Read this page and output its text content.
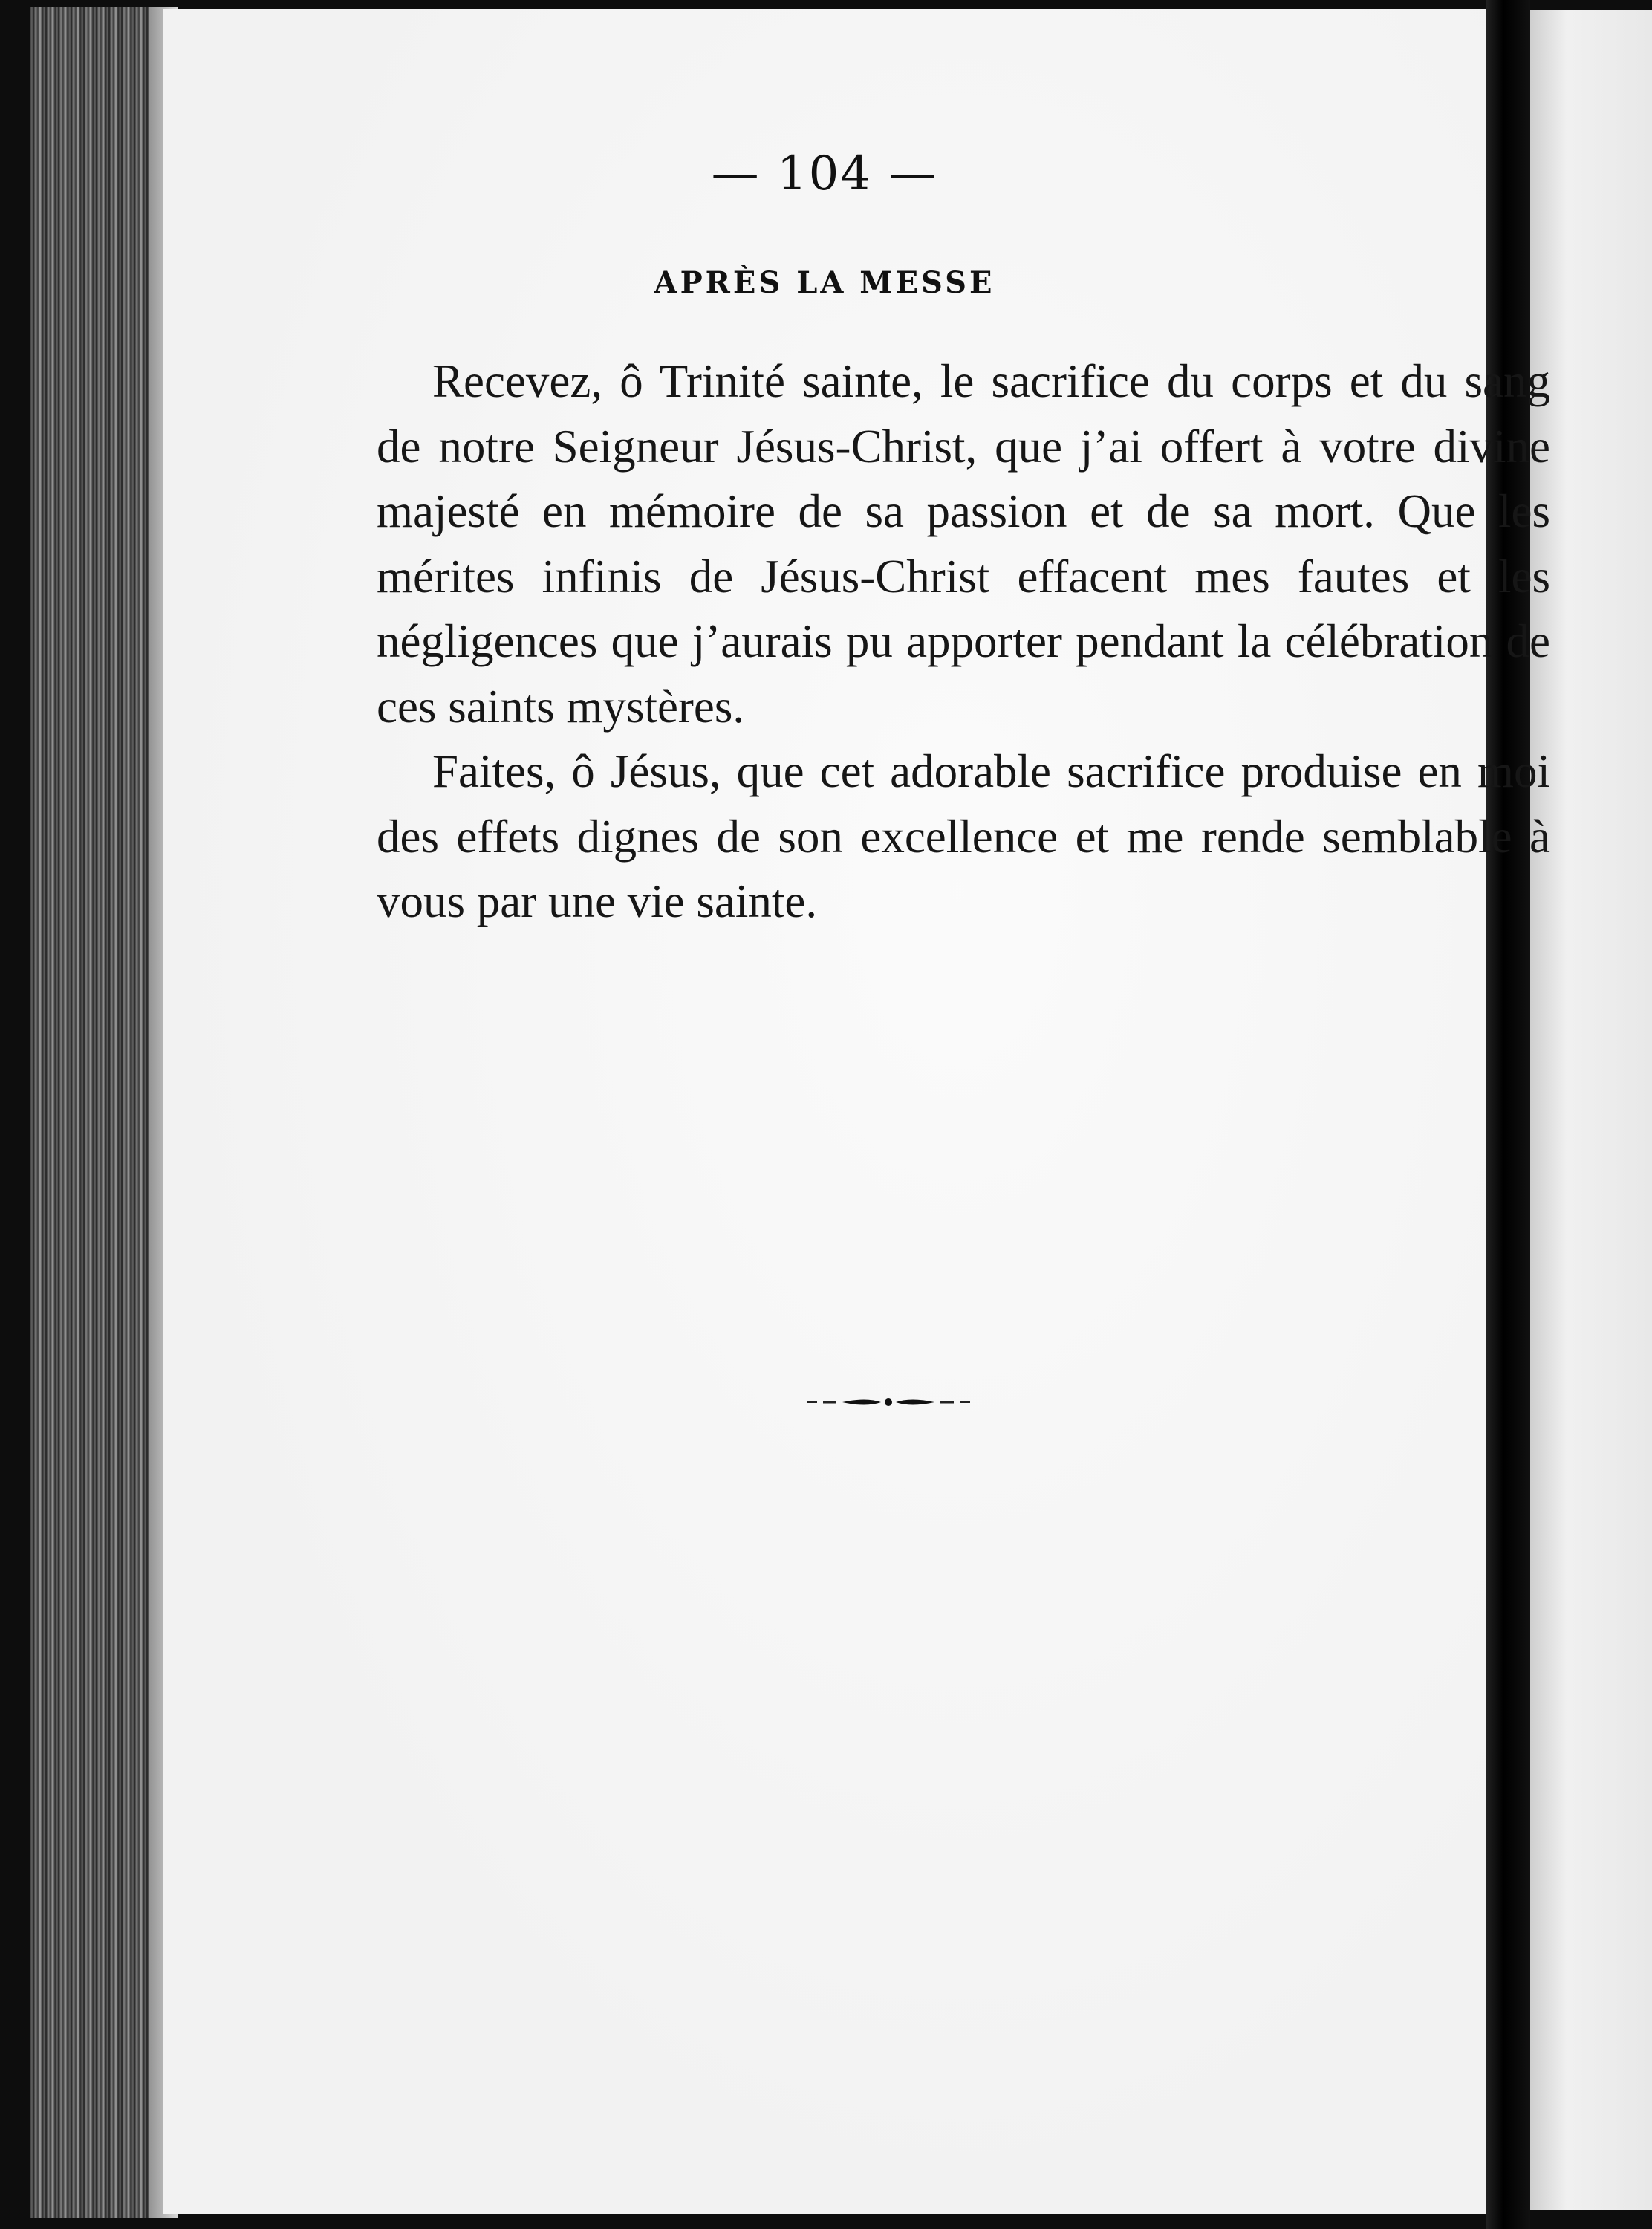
— 104 —
APRÈS LA MESSE

Recevez, ô Trinité sainte, le sacrifice du corps et du sang de notre Seigneur Jésus-Christ, que j’ai offert à votre divine majesté en mémoire de sa passion et de sa mort. Que les mérites infinis de Jésus-Christ effacent mes fautes et les négligences que j’aurais pu apporter pendant la célébration de ces saints mystères.

Faites, ô Jésus, que cet adorable sacrifice produise en moi des effets dignes de son excellence et me rende semblable à vous par une vie sainte.
